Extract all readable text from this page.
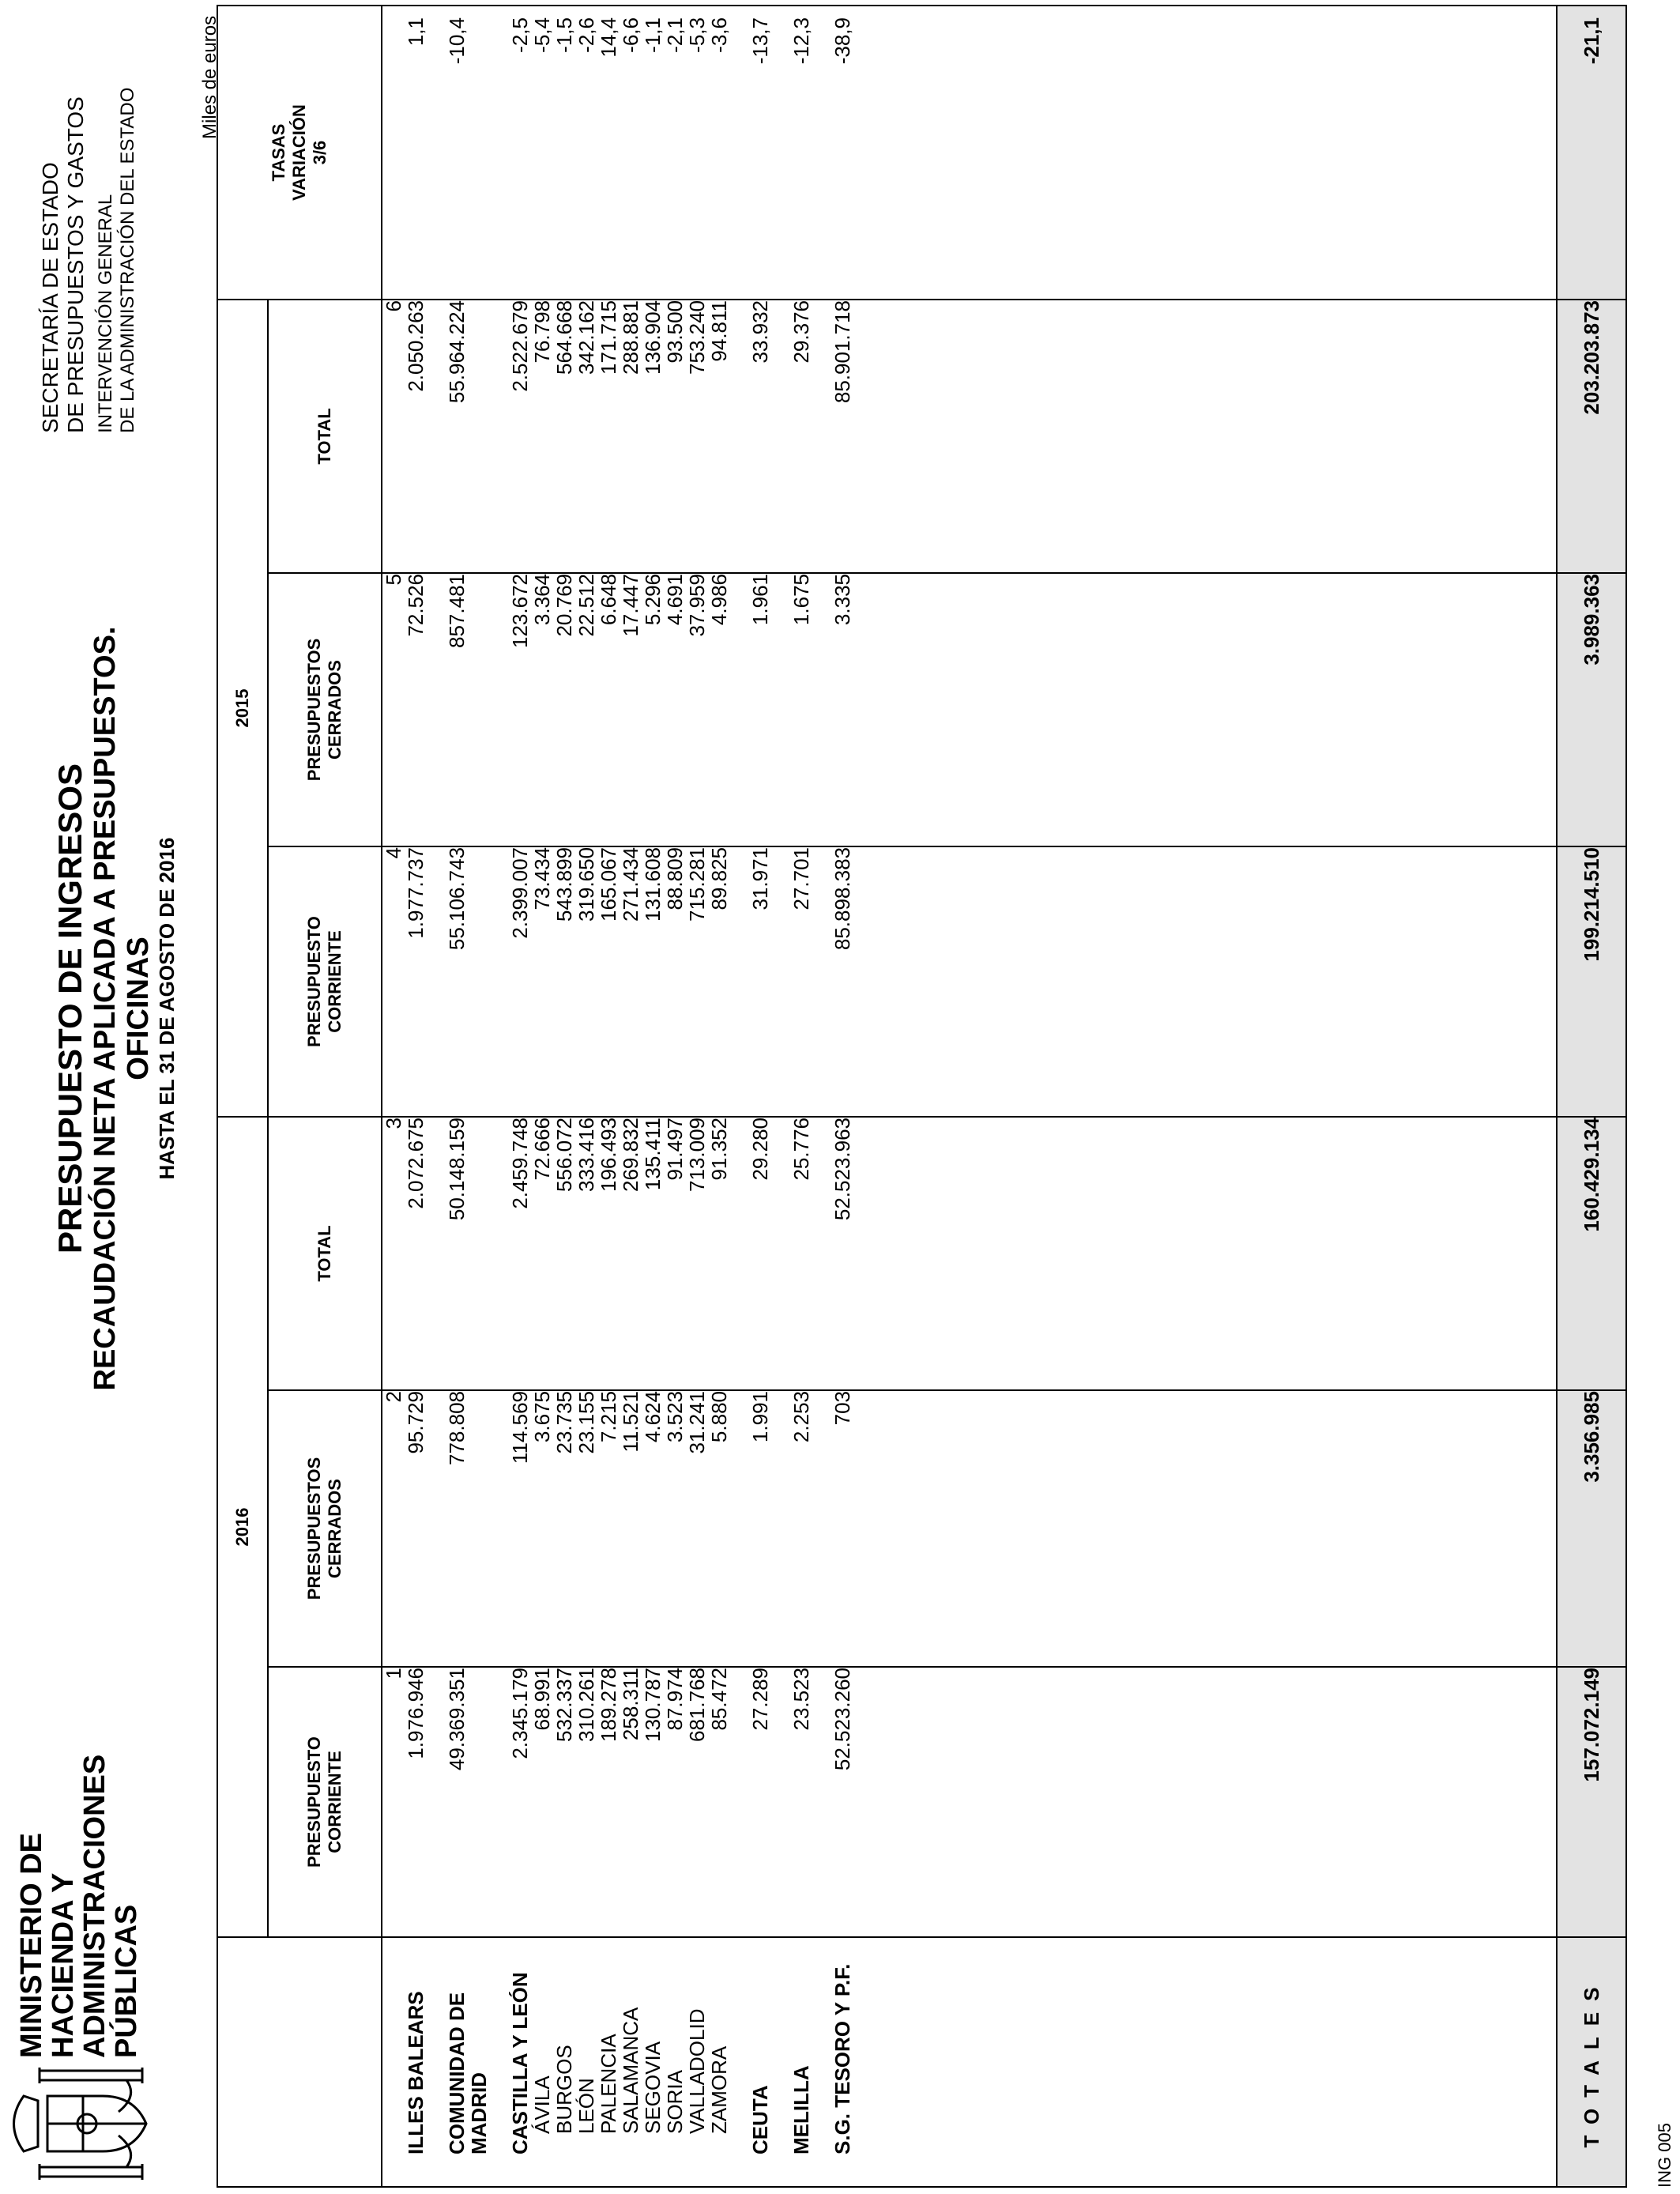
MINISTERIO DE
HACIENDA Y
ADMINISTRACIONES
PÚBLICAS
PRESUPUESTO DE INGRESOS RECAUDACIÓN NETA APLICADA A PRESUPUESTOS. OFICINAS HASTA EL 31 DE AGOSTO DE 2016
SECRETARÍA DE ESTADO DE PRESUPUESTOS Y GASTOS INTERVENCIÓN GENERAL DE LA ADMINISTRACIÓN DEL ESTADO
Miles de euros
	2016			2015			TASAS
VARIACIÓN
3/6
	PRESUPUESTO
CORRIENTE	PRESUPUESTOS
CERRADOS	TOTAL	PRESUPUESTO
CORRIENTE	PRESUPUESTOS
CERRADOS	TOTAL	
	1	2	3	4	5	6	
ILLES BALEARS	1.976.946	95.729	2.072.675	1.977.737	72.526	2.050.263	1,1

COMUNIDAD DE MADRID	49.369.351	778.808	50.148.159	55.106.743	857.481	55.964.224	-10,4

CASTILLA Y LEÓN	2.345.179	114.569	2.459.748	2.399.007	123.672	2.522.679	-2,5
ÁVILA	68.991	3.675	72.666	73.434	3.364	76.798	-5,4
BURGOS	532.337	23.735	556.072	543.899	20.769	564.668	-1,5
LEÓN	310.261	23.155	333.416	319.650	22.512	342.162	-2,6
PALENCIA	189.278	7.215	196.493	165.067	6.648	171.715	14,4
SALAMANCA	258.311	11.521	269.832	271.434	17.447	288.881	-6,6
SEGOVIA	130.787	4.624	135.411	131.608	5.296	136.904	-1,1
SORIA	87.974	3.523	91.497	88.809	4.691	93.500	-2,1
VALLADOLID	681.768	31.241	713.009	715.281	37.959	753.240	-5,3
ZAMORA	85.472	5.880	91.352	89.825	4.986	94.811	-3,6

CEUTA	27.289	1.991	29.280	31.971	1.961	33.932	-13,7

MELILLA	23.523	2.253	25.776	27.701	1.675	29.376	-12,3

S.G. TESORO Y P.F.	52.523.260	703	52.523.963	85.898.383	3.335	85.901.718	-38,9

TOTALES	157.072.149	3.356.985	160.429.134	199.214.510	3.989.363	203.203.873	-21,1
ING 005
